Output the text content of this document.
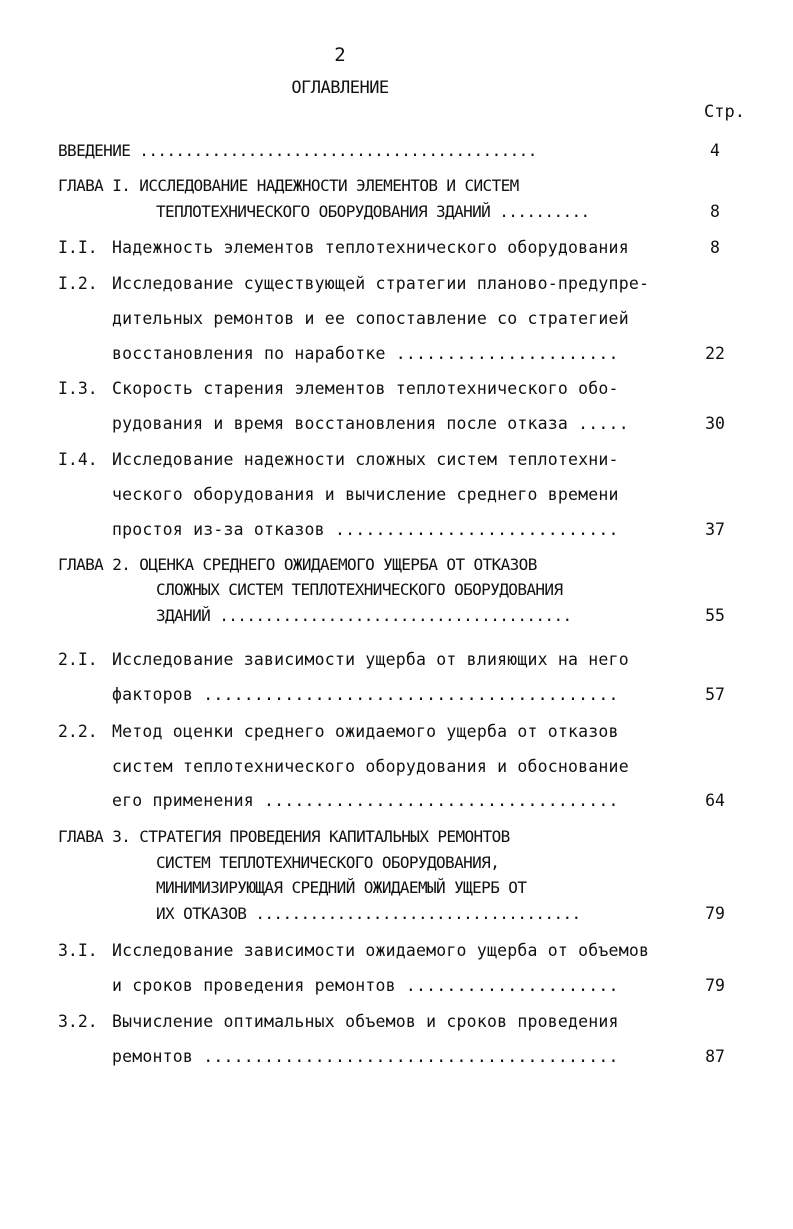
2
ОГЛАВЛЕНИЕ
Стр.
ВВЕДЕНИЕ ............................................	4
ГЛАВА I. ИССЛЕДОВАНИЕ НАДЕЖНОСТИ ЭЛЕМЕНТОВ И СИСТЕМ
ТЕПЛОТЕХНИЧЕСКОГО ОБОРУДОВАНИЯ ЗДАНИЙ ..........	8
I.I. Надежность элементов теплотехнического оборудования	8
I.2. Исследование существующей стратегии планово-предупре-
дительных ремонтов и ее сопоставление со стратегией
восстановления по наработке ......................	22
I.3. Скорость старения элементов теплотехнического обо-
рудования и время восстановления после отказа .....	30
I.4. Исследование надежности сложных систем теплотехни-
ческого оборудования и вычисление среднего времени
простоя из-за отказов ............................	37
ГЛАВА 2. ОЦЕНКА СРЕДНЕГО ОЖИДАЕМОГО УЩЕРБА ОТ ОТКАЗОВ
СЛОЖНЫХ СИСТЕМ ТЕПЛОТЕХНИЧЕСКОГО ОБОРУДОВАНИЯ
ЗДАНИЙ .......................................	55
2.I. Исследование зависимости ущерба от влияющих на него
факторов .........................................	57
2.2. Метод оценки среднего ожидаемого ущерба от отказов
систем теплотехнического оборудования и обоснование
его применения ...................................	64
ГЛАВА 3. СТРАТЕГИЯ ПРОВЕДЕНИЯ КАПИТАЛЬНЫХ РЕМОНТОВ
СИСТЕМ ТЕПЛОТЕХНИЧЕСКОГО ОБОРУДОВАНИЯ,
МИНИМИЗИРУЮЩАЯ СРЕДНИЙ ОЖИДАЕМЫЙ УЩЕРБ ОТ
ИХ ОТКАЗОВ ....................................	79
3.I. Исследование зависимости ожидаемого ущерба от объемов
и сроков проведения ремонтов .....................	79
3.2. Вычисление оптимальных объемов и сроков проведения
ремонтов .........................................	87
